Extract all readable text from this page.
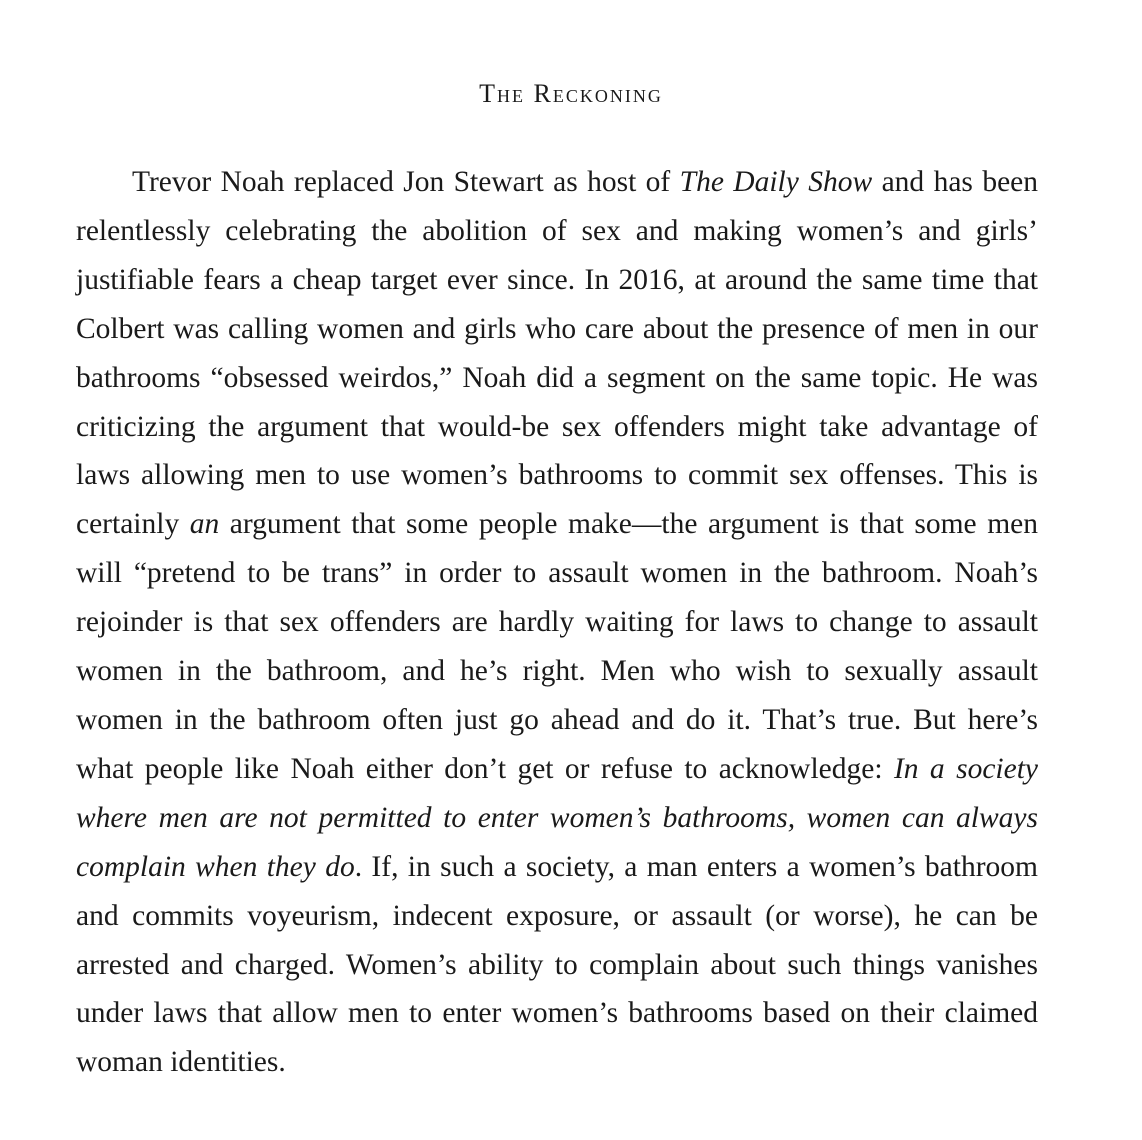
The Reckoning

Trevor Noah replaced Jon Stewart as host of The Daily Show and has been relentlessly celebrating the abolition of sex and making women’s and girls’ justifiable fears a cheap target ever since. In 2016, at around the same time that Colbert was calling women and girls who care about the presence of men in our bathrooms “obsessed weirdos,” Noah did a segment on the same topic. He was criticizing the argument that would-be sex offenders might take advantage of laws allowing men to use women’s bathrooms to commit sex offenses. This is certainly an argument that some people make—the argument is that some men will “pretend to be trans” in order to assault women in the bathroom. Noah’s rejoinder is that sex offenders are hardly waiting for laws to change to assault women in the bathroom, and he’s right. Men who wish to sexually assault women in the bathroom often just go ahead and do it. That’s true. But here’s what people like Noah either don’t get or refuse to acknowledge: In a society where men are not permitted to enter women’s bathrooms, women can always complain when they do. If, in such a society, a man enters a women’s bathroom and commits voyeurism, indecent exposure, or assault (or worse), he can be arrested and charged. Women’s ability to complain about such things vanishes under laws that allow men to enter women’s bathrooms based on their claimed woman identities.
